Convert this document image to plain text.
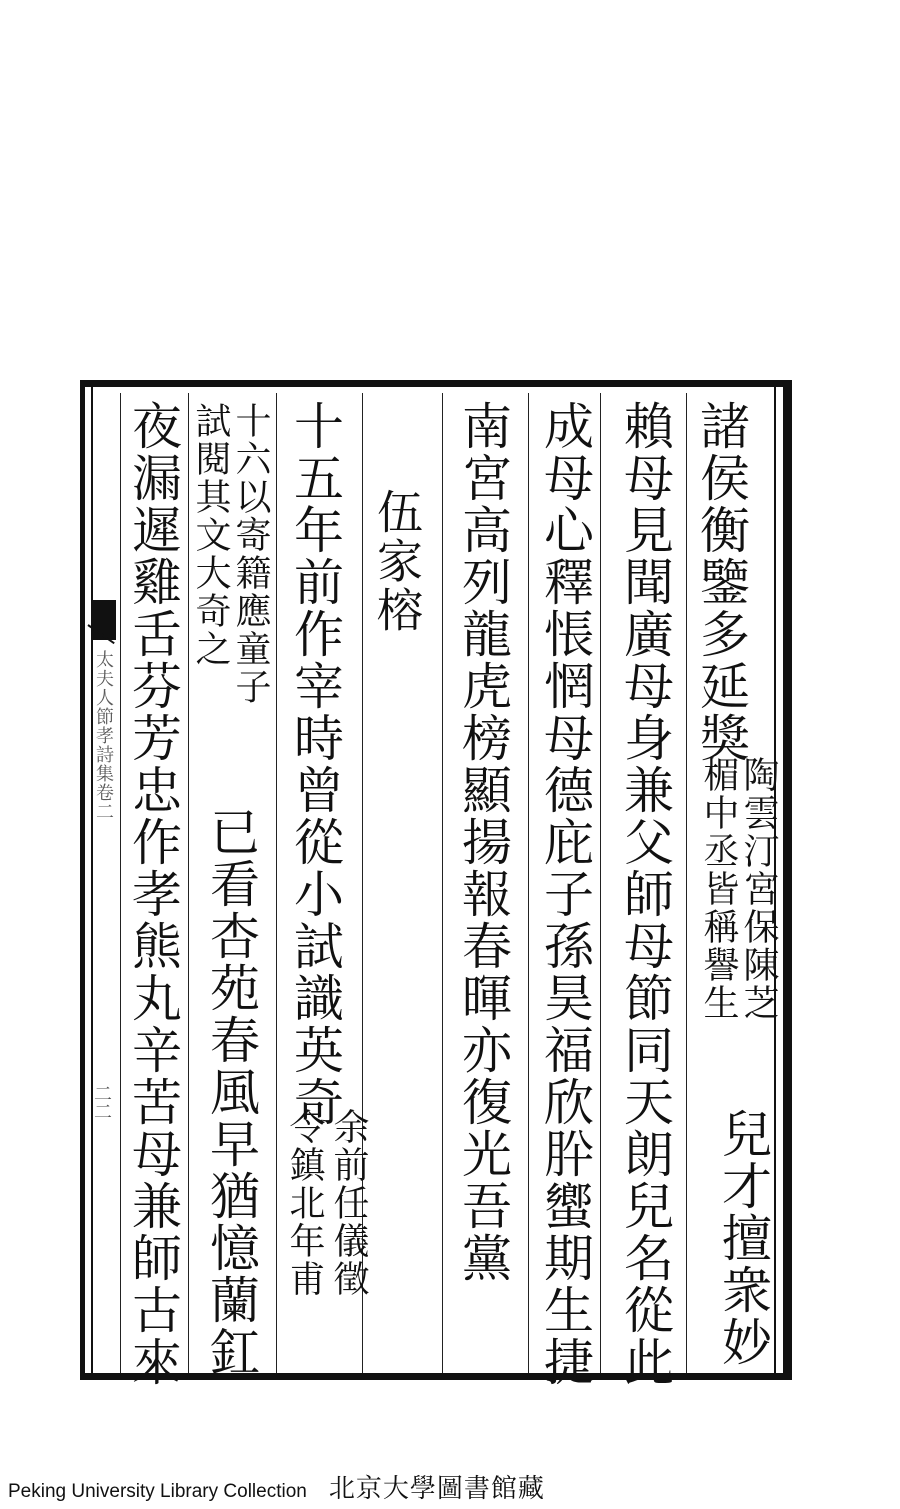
太夫人節孝詩集卷二
二二
諸侯衡鑒多延獎
陶雲汀宮保陳芝
楣中丞皆稱譽生
兒才擅衆妙
賴母見聞廣母身兼父師母節同天朗兒名從此
成母心釋悵惘母德庇子孫昊福欣肸蠁期生捷
南宮高列龍虎榜顯揚報春暉亦復光吾黨
伍家榕
十五年前作宰時曾從小試識英奇
余前任儀徵
令鎮北年甫
十六以寄籍應童子
試閱其文大奇之
已看杏苑春風早猶憶蘭釭
夜漏遲雞舌芬芳忠作孝熊丸辛苦母兼師古來
Peking University Library Collection 北京大學圖書館藏
